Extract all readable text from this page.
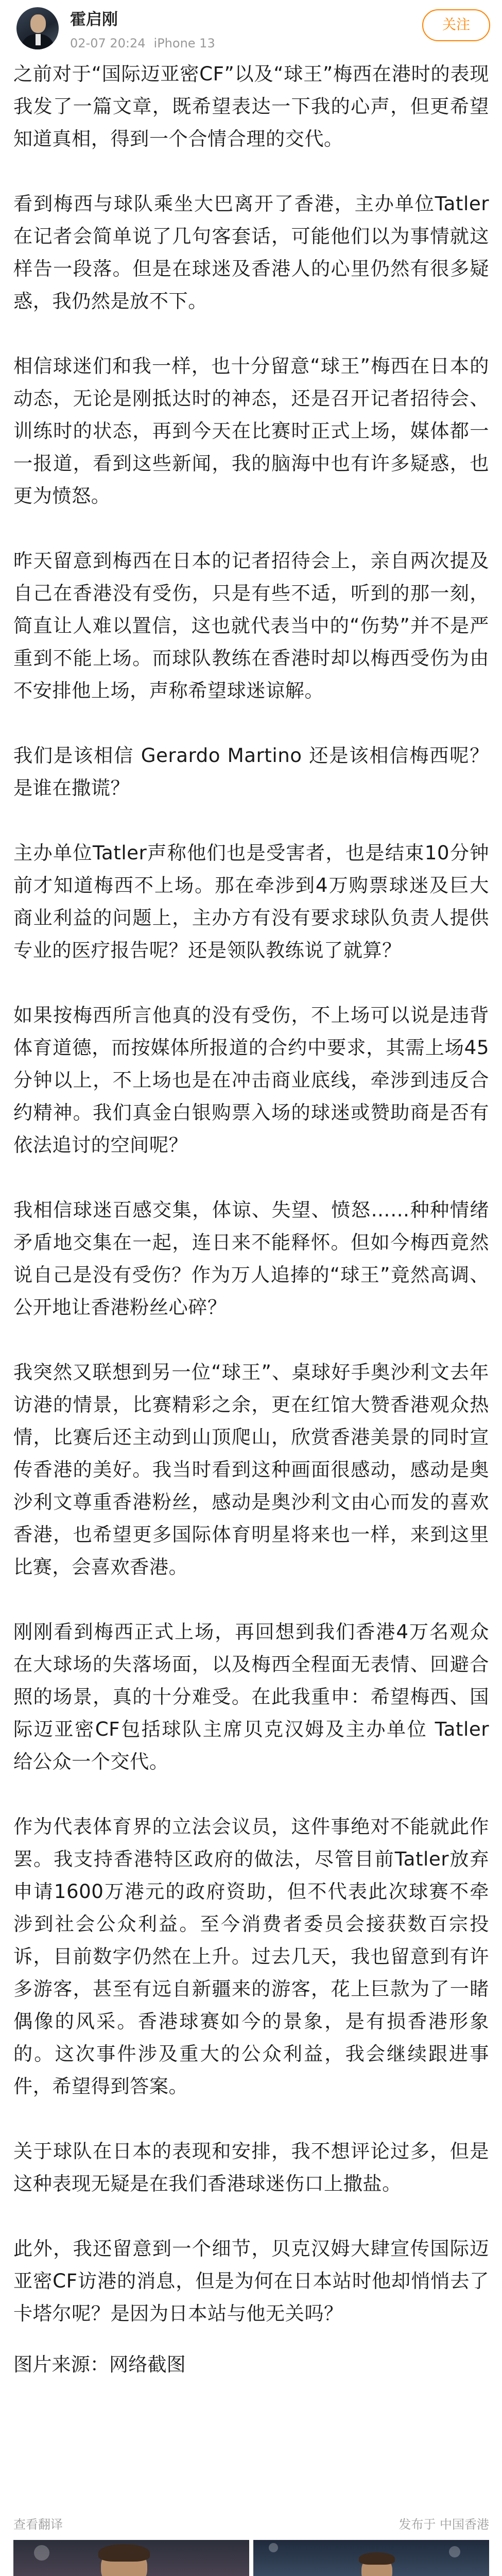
霍启刚
02-07 20:24 iPhone 13
关注

之前对于“国际迈亚密CF”以及“球王”梅西在港时的表现我发了一篇文章，既希望表达一下我的心声，但更希望知道真相，得到一个合情合理的交代。

看到梅西与球队乘坐大巴离开了香港，主办单位Tatler在记者会简单说了几句客套话，可能他们以为事情就这样告一段落。但是在球迷及香港人的心里仍然有很多疑惑，我仍然是放不下。

相信球迷们和我一样，也十分留意“球王”梅西在日本的动态，无论是刚抵达时的神态，还是召开记者招待会、训练时的状态，再到今天在比赛时正式上场，媒体都一一报道，看到这些新闻，我的脑海中也有许多疑惑，也更为愤怒。

昨天留意到梅西在日本的记者招待会上，亲自两次提及自己在香港没有受伤，只是有些不适，听到的那一刻，简直让人难以置信，这也就代表当中的“伤势”并不是严重到不能上场。而球队教练在香港时却以梅西受伤为由不安排他上场，声称希望球迷谅解。

我们是该相信 Gerardo Martino 还是该相信梅西呢？是谁在撒谎？

主办单位Tatler声称他们也是受害者，也是结束10分钟前才知道梅西不上场。那在牵涉到4万购票球迷及巨大商业利益的问题上，主办方有没有要求球队负责人提供专业的医疗报告呢？还是领队教练说了就算？

如果按梅西所言他真的没有受伤，不上场可以说是违背体育道德，而按媒体所报道的合约中要求，其需上场45分钟以上，不上场也是在冲击商业底线，牵涉到违反合约精神。我们真金白银购票入场的球迷或赞助商是否有依法追讨的空间呢？

我相信球迷百感交集，体谅、失望、愤怒……种种情绪矛盾地交集在一起，连日来不能释怀。但如今梅西竟然说自己是没有受伤？作为万人追捧的“球王”竟然高调、公开地让香港粉丝心碎？

我突然又联想到另一位“球王”、桌球好手奥沙利文去年访港的情景，比赛精彩之余，更在红馆大赞香港观众热情，比赛后还主动到山顶爬山，欣赏香港美景的同时宣传香港的美好。我当时看到这种画面很感动，感动是奥沙利文尊重香港粉丝，感动是奥沙利文由心而发的喜欢香港，也希望更多国际体育明星将来也一样，来到这里比赛，会喜欢香港。

刚刚看到梅西正式上场，再回想到我们香港4万名观众在大球场的失落场面，以及梅西全程面无表情、回避合照的场景，真的十分难受。在此我重申：希望梅西、国际迈亚密CF包括球队主席贝克汉姆及主办单位 Tatler 给公众一个交代。

作为代表体育界的立法会议员，这件事绝对不能就此作罢。我支持香港特区政府的做法，尽管目前Tatler放弃申请1600万港元的政府资助，但不代表此次球赛不牵涉到社会公众利益。至今消费者委员会接获数百宗投诉，目前数字仍然在上升。过去几天，我也留意到有许多游客，甚至有远自新疆来的游客，花上巨款为了一睹偶像的风采。香港球赛如今的景象，是有损香港形象的。这次事件涉及重大的公众利益，我会继续跟进事件，希望得到答案。

关于球队在日本的表现和安排，我不想评论过多，但是这种表现无疑是在我们香港球迷伤口上撒盐。

此外，我还留意到一个细节，贝克汉姆大肆宣传国际迈亚密CF访港的消息，但是为何在日本站时他却悄悄去了卡塔尔呢？是因为日本站与他无关吗？

图片来源：网络截图

查看翻译	发布于 中国香港
